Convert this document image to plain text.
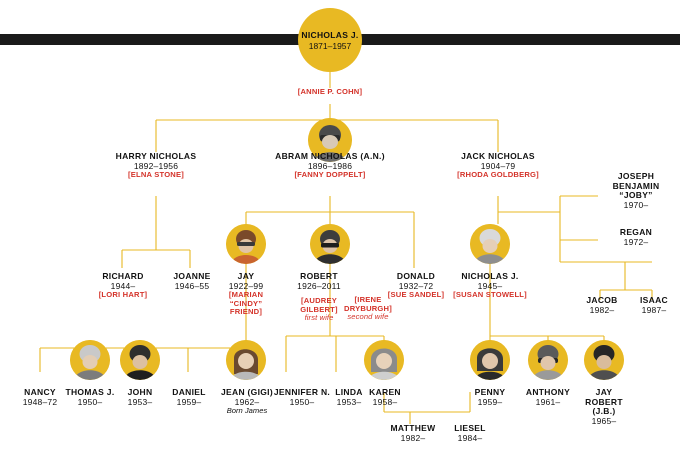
NICHOLAS J.
1871–1957
[ANNIE P. COHN]
HARRY NICHOLAS
1892–1956
[ELNA STONE]
ABRAM NICHOLAS (A.N.)
1896–1986
[FANNY DOPPELT]
JACK NICHOLAS
1904–79
[RHODA GOLDBERG]
RICHARD
1944–
[LORI HART]
JOANNE
1946–55
JAY
1922–99
[MARIAN “CINDY” FRIEND]
ROBERT
1926–2011
[AUDREY GILBERT]
first wife
[IRENE DRYBURGH]
second wife
DONALD
1932–72
[SUE SANDEL]
NICHOLAS J.
1945–
[SUSAN STOWELL]
JOSEPH BENJAMIN “JOBY”
1970–
REGAN
1972–
JACOB
1982–
ISAAC
1987–
NANCY
1948–72
THOMAS J.
1950–
JOHN
1953–
DANIEL
1959–
JEAN (GIGI)
1962–
Born James
JENNIFER N.
1950–
LINDA
1953–
KAREN
1958–
MATTHEW
1982–
LIESEL
1984–
PENNY
1959–
ANTHONY
1961–
JAY ROBERT (J.B.)
1965–
